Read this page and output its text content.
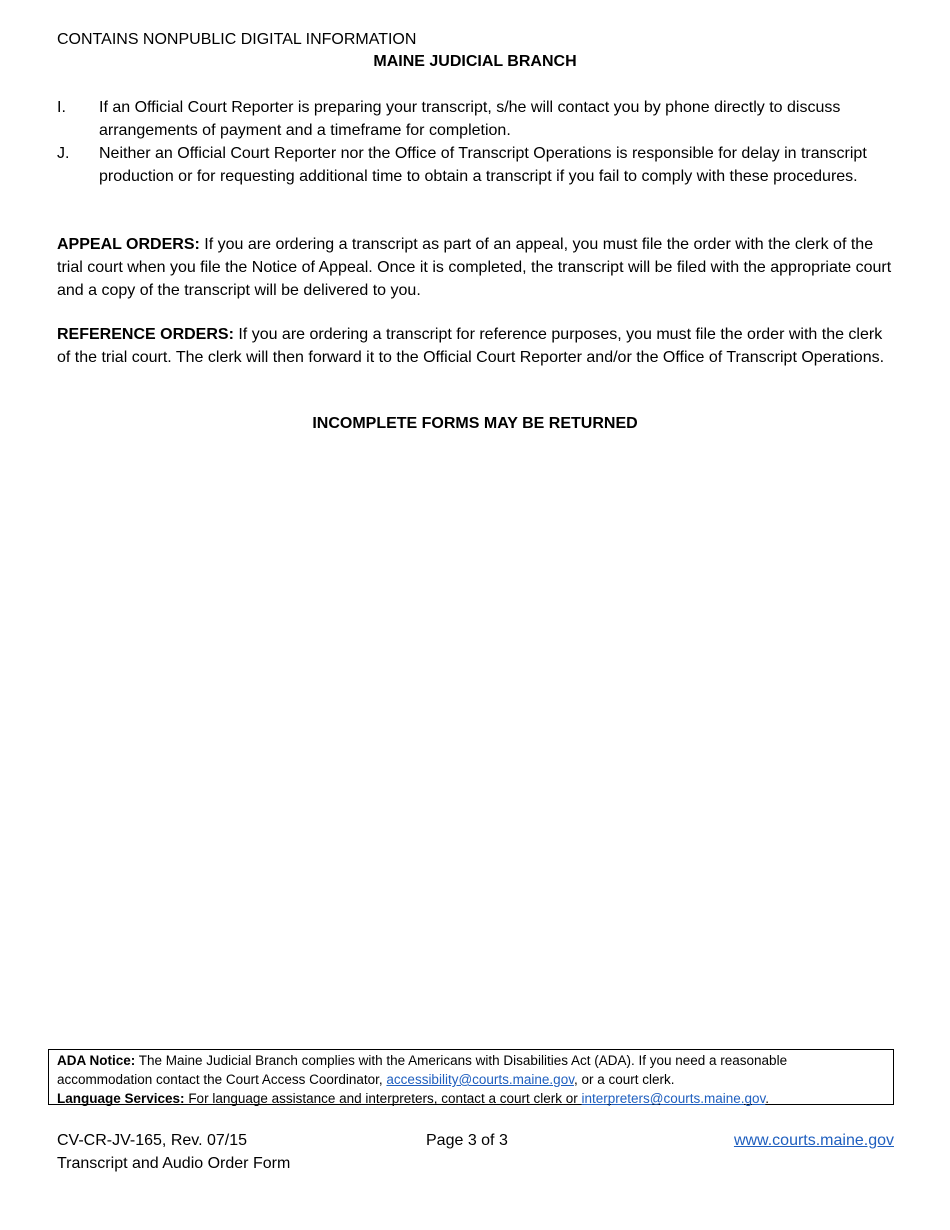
CONTAINS NONPUBLIC DIGITAL INFORMATION
MAINE JUDICIAL BRANCH
I.	If an Official Court Reporter is preparing your transcript, s/he will contact you by phone directly to discuss arrangements of payment and a timeframe for completion.
J.	Neither an Official Court Reporter nor the Office of Transcript Operations is responsible for delay in transcript production or for requesting additional time to obtain a transcript if you fail to comply with these procedures.
APPEAL ORDERS: If you are ordering a transcript as part of an appeal, you must file the order with the clerk of the trial court when you file the Notice of Appeal. Once it is completed, the transcript will be filed with the appropriate court and a copy of the transcript will be delivered to you.
REFERENCE ORDERS: If you are ordering a transcript for reference purposes, you must file the order with the clerk of the trial court. The clerk will then forward it to the Official Court Reporter and/or the Office of Transcript Operations.
INCOMPLETE FORMS MAY BE RETURNED
ADA Notice: The Maine Judicial Branch complies with the Americans with Disabilities Act (ADA). If you need a reasonable accommodation contact the Court Access Coordinator, accessibility@courts.maine.gov, or a court clerk.
Language Services: For language assistance and interpreters, contact a court clerk or interpreters@courts.maine.gov.
CV-CR-JV-165, Rev. 07/15
Transcript and Audio Order Form
Page 3 of 3	www.courts.maine.gov
